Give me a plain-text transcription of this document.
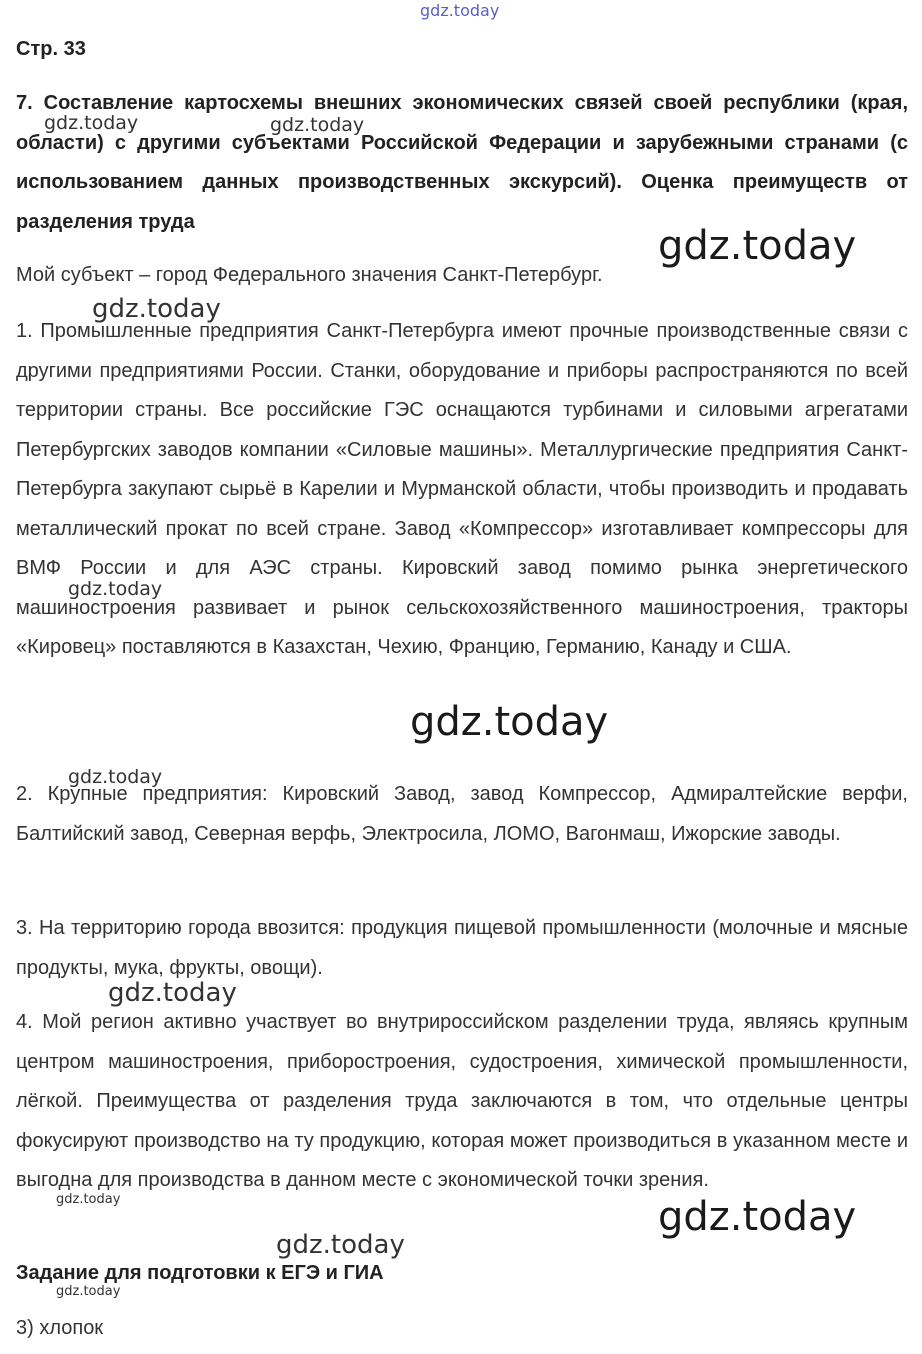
gdz.today
Стр. 33

7. Составление картосхемы внешних экономических связей своей республики (края, области) с другими субъектами Российской Федерации и зарубежными странами (с использованием данных производственных экскурсий). Оценка преимуществ от разделения труда

gdz.today	gdz.today
gdz.today

Мой субъект – город Федерального значения Санкт-Петербург.

gdz.today

1. Промышленные предприятия Санкт-Петербурга имеют прочные производственные связи с другими предприятиями России. Станки, оборудование и приборы распространяются по всей территории страны. Все российские ГЭС оснащаются турбинами и силовыми агрегатами Петербургских заводов компании «Силовые машины». Металлургические предприятия Санкт-Петербурга закупают сырьё в Карелии и Мурманской области, чтобы производить и продавать металлический прокат по всей стране. Завод «Компрессор» изготавливает компрессоры для ВМФ России и для АЭС страны. Кировский завод помимо рынка энергетического машиностроения развивает и рынок сельскохозяйственного машиностроения, тракторы «Кировец» поставляются в Казахстан, Чехию, Францию, Германию, Канаду и США.

gdz.today
gdz.today
gdz.today

2. Крупные предприятия: Кировский Завод, завод Компрессор, Адмиралтейские верфи, Балтийский завод, Северная верфь, Электросила, ЛОМО, Вагонмаш, Ижорские заводы.

3. На территорию города ввозится: продукция пищевой промышленности (молочные и мясные продукты, мука, фрукты, овощи).

gdz.today

4. Мой регион активно участвует во внутрироссийском разделении труда, являясь крупным центром машиностроения, приборостроения, судостроения, химической промышленности, лёгкой. Преимущества от разделения труда заключаются в том, что отдельные центры фокусируют производство на ту продукцию, которая может производиться в указанном месте и выгодна для производства в данном месте с экономической точки зрения.

gdz.today	gdz.today
gdz.today
Задание для подготовки к ЕГЭ и ГИА
gdz.today
3) хлопок
